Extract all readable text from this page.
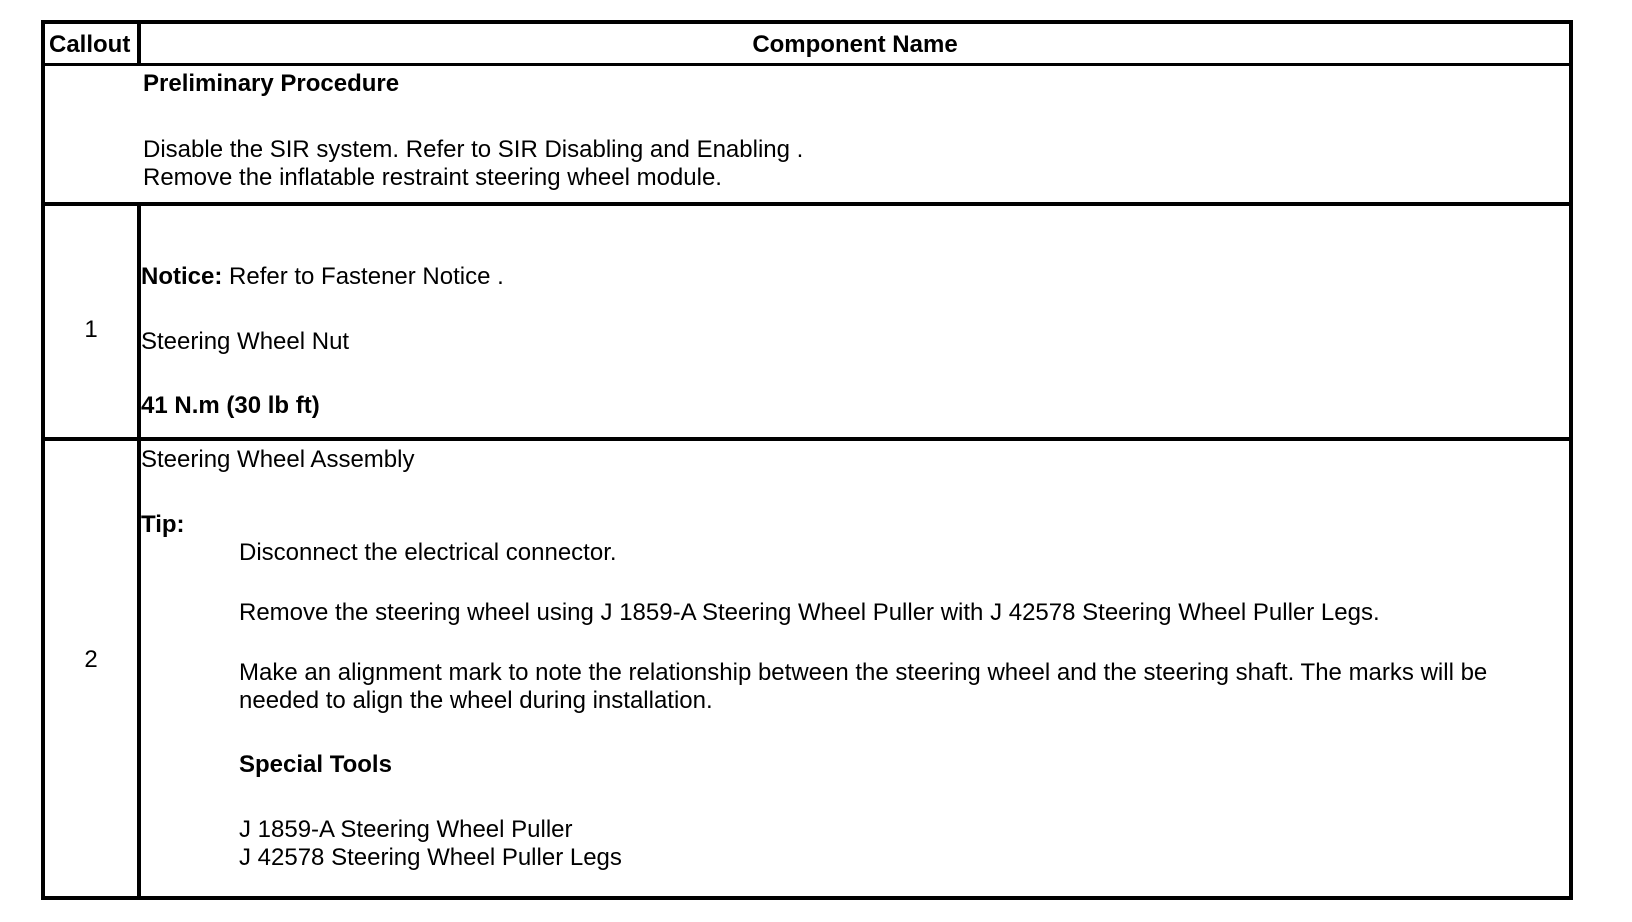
Callout	Component Name
Preliminary Procedure
Disable the SIR system. Refer to SIR Disabling and Enabling .
Remove the inflatable restraint steering wheel module.
1
Notice: Refer to Fastener Notice .
Steering Wheel Nut
41 N.m (30 lb ft)
2
Steering Wheel Assembly
Tip:
Disconnect the electrical connector.
Remove the steering wheel using J 1859-A Steering Wheel Puller with J 42578 Steering Wheel Puller Legs.
Make an alignment mark to note the relationship between the steering wheel and the steering shaft. The marks will be
needed to align the wheel during installation.
Special Tools
J 1859-A Steering Wheel Puller
J 42578 Steering Wheel Puller Legs
